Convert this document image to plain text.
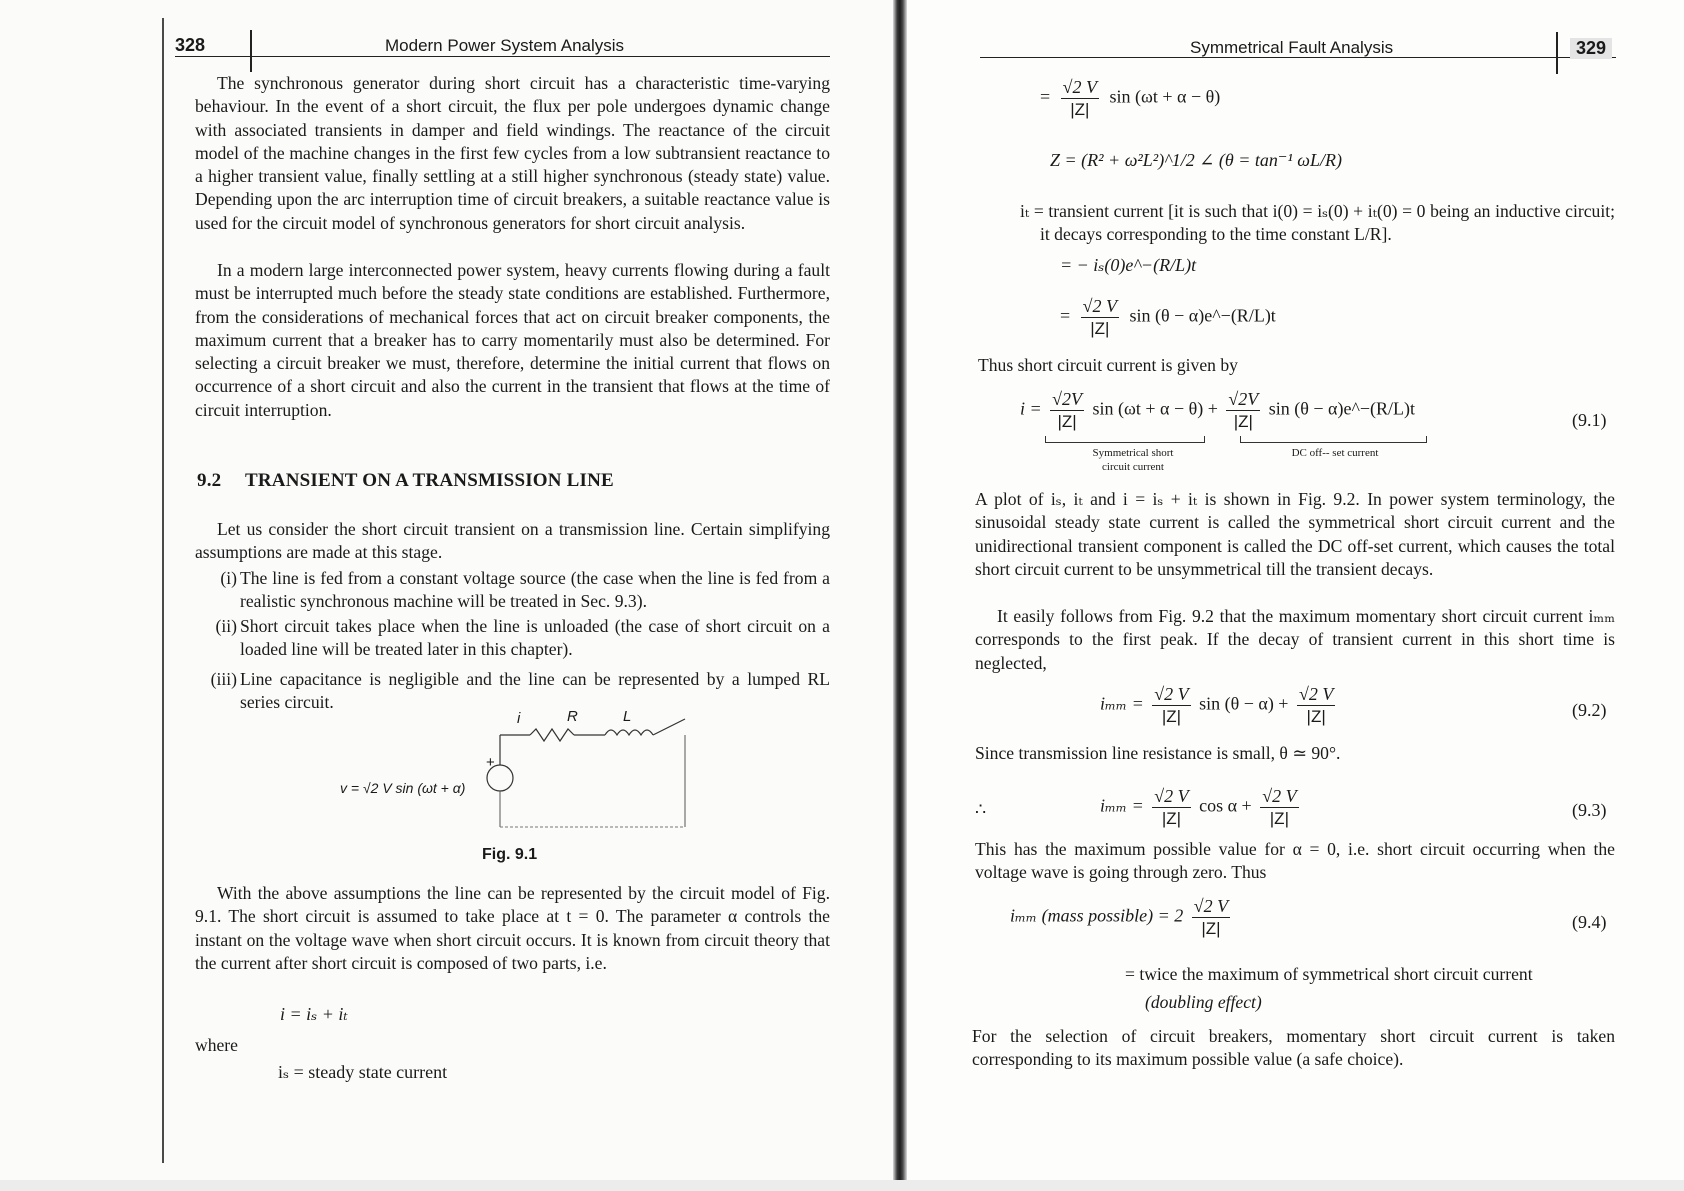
328	Modern Power System Analysis

The synchronous generator during short circuit has a characteristic time-varying behaviour. In the event of a short circuit, the flux per pole undergoes dynamic change with associated transients in damper and field windings. The reactance of the circuit model of the machine changes in the first few cycles from a low subtransient reactance to a higher transient value, finally settling at a still higher synchronous (steady state) value. Depending upon the arc interruption time of circuit breakers, a suitable reactance value is used for the circuit model of synchronous generators for short circuit analysis.

In a modern large interconnected power system, heavy currents flowing during a fault must be interrupted much before the steady state conditions are established. Furthermore, from the considerations of mechanical forces that act on circuit breaker components, the maximum current that a breaker has to carry momentarily must also be determined. For selecting a circuit breaker we must, therefore, determine the initial current that flows on occurrence of a short circuit and also the current in the transient that flows at the time of circuit interruption.

9.2 TRANSIENT ON A TRANSMISSION LINE

Let us consider the short circuit transient on a transmission line. Certain simplifying assumptions are made at this stage.

(i) The line is fed from a constant voltage source (the case when the line is fed from a realistic synchronous machine will be treated in Sec. 9.3).
(ii) Short circuit takes place when the line is unloaded (the case of short circuit on a loaded line will be treated later in this chapter).
(iii) Line capacitance is negligible and the line can be represented by a lumped RL series circuit.
i	R	L
+
v = √2 V sin (ωt + α)
Fig. 9.1

With the above assumptions the line can be represented by the circuit model of Fig. 9.1. The short circuit is assumed to take place at t = 0. The parameter α controls the instant on the voltage wave when short circuit occurs. It is known from circuit theory that the current after short circuit is composed of two parts, i.e.

i = iₛ + iₜ
where
iₛ = steady state current
Symmetrical Fault Analysis	329
= $\frac{√2 V}{|Z|}$ sin (ωt + α − θ)
Z = (R² + ω²L²)^1/2 ∠ (θ = tan⁻¹ ωL/R)

iₜ = transient current [it is such that i(0) = iₛ(0) + iₜ(0) = 0 being an inductive circuit; it decays corresponding to the time constant L/R].

= − iₛ(0)e^−(R/L)t
= $\frac{√2 V}{|Z|}$ sin (θ − α)e^−(R/L)t

Thus short circuit current is given by

$i = \frac{√2V}{|Z|}$ $\sin (\omega t + \alpha - \theta) + \frac{√2V}{|Z|}$ sin (θ − α)e^−(R/L)t
Symmetrical short circuit current
DC off-- set current
(9.1)

A plot of iₛ, iₜ and i = iₛ + iₜ is shown in Fig. 9.2. In power system terminology, the sinusoidal steady state current is called the symmetrical short circuit current and the unidirectional transient component is called the DC off-set current, which causes the total short circuit current to be unsymmetrical till the transient decays.

It easily follows from Fig. 9.2 that the maximum momentary short circuit current iₘₘ corresponds to the first peak. If the decay of transient current in this short time is neglected,

$i_{mm} = \frac{√2 V}{|Z|}$ $\sin (\theta - \alpha) + \frac{√2 V}{|Z|}$	(9.2)

Since transmission line resistance is small, θ ≃ 90°.

∴	$i_{mm} = \frac{√2 V}{|Z|}$ $\cos \alpha + \frac{√2 V}{|Z|}$	(9.3)

This has the maximum possible value for α = 0, i.e. short circuit occurring when the voltage wave is going through zero. Thus

iₘₘ (mass possible) = $2 \frac{√2 V}{|Z|}$	(9.4)
= twice the maximum of symmetrical short circuit current
(doubling effect)

For the selection of circuit breakers, momentary short circuit current is taken corresponding to its maximum possible value (a safe choice).
